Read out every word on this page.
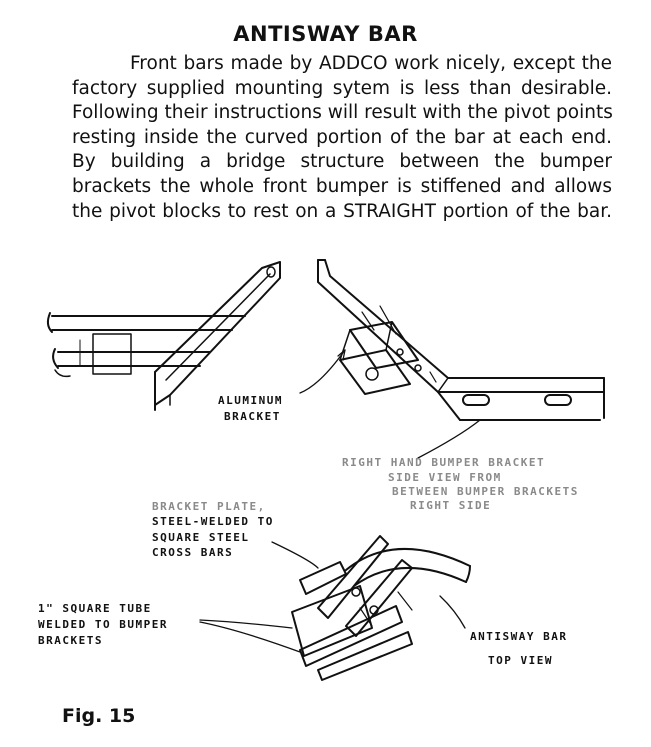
ANTISWAY BAR
Front bars made by ADDCO work nicely, except the
factory supplied mounting sytem is less than desirable.
Following their instructions will result with the pivot points
resting inside the curved portion of the bar at each end.
By building a bridge structure between the bumper
brackets the whole front bumper is stiffened and allows
the pivot blocks to rest on a STRAIGHT portion of the bar.
ALUMINUM
BRACKET
RIGHT HAND BUMPER BRACKET
SIDE VIEW FROM
BETWEEN BUMPER BRACKETS
RIGHT SIDE
BRACKET PLATE,
STEEL-WELDED TO
SQUARE STEEL
CROSS BARS
1" SQUARE TUBE
WELDED TO BUMPER
BRACKETS	ANTISWAY BAR
TOP VIEW
Fig. 15
